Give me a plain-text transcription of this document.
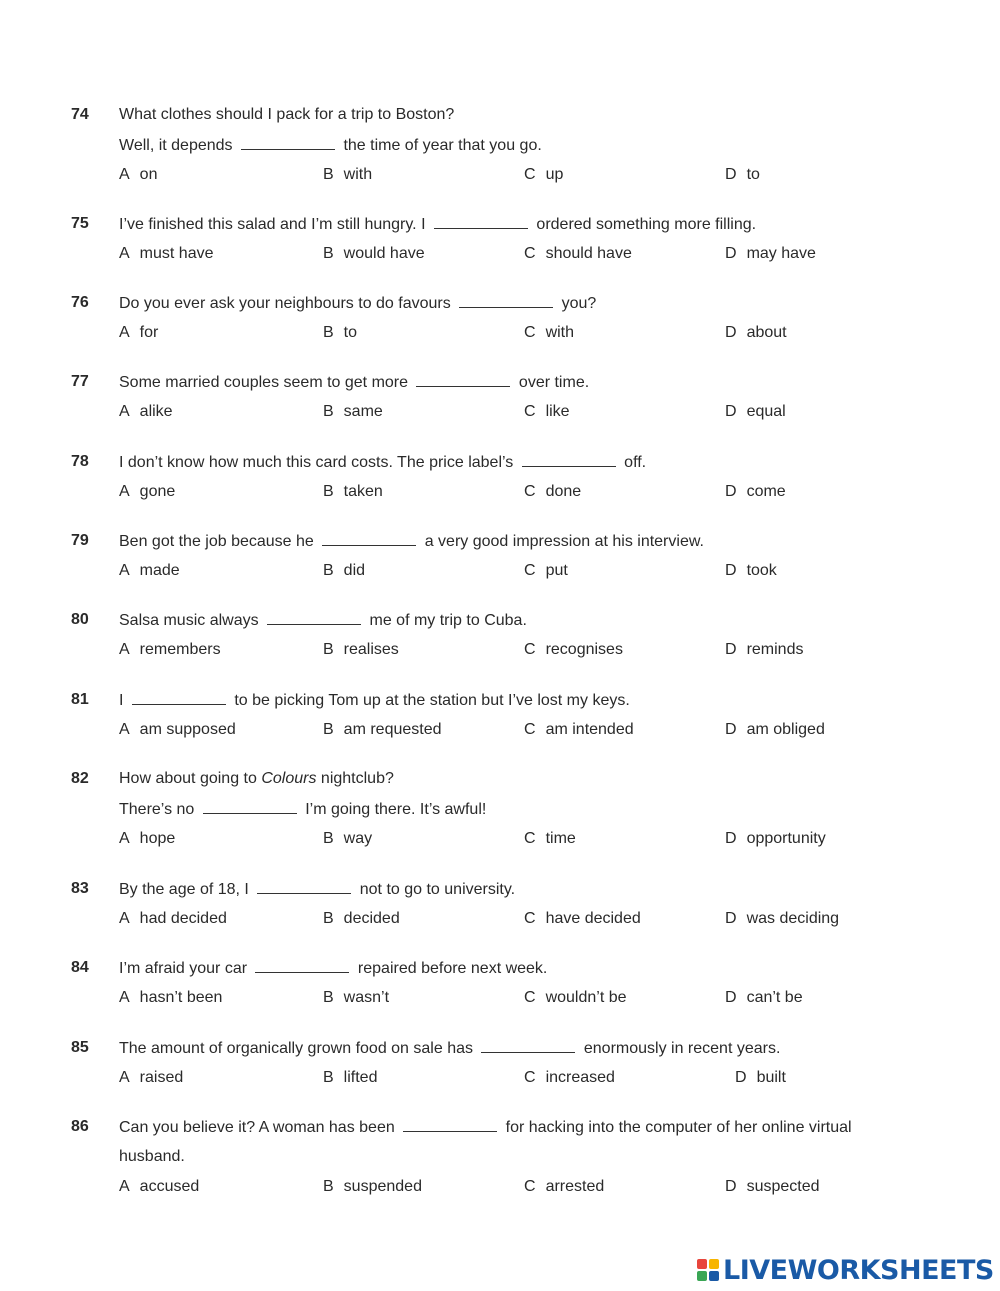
74 What clothes should I pack for a trip to Boston?
Well, it depends	the time of year that you go.
A on	B with	C up	D to
75 I’ve finished this salad and I’m still hungry. I	ordered something more filling.
A must have	B would have	C should have	D may have
76 Do you ever ask your neighbours to do favours	you?
A for	B to	C with	D about
77 Some married couples seem to get more	over time.
A alike	B same	C like	D equal
78 I don’t know how much this card costs. The price label’s	off.
A gone	B taken	C done	D come
79 Ben got the job because he	a very good impression at his interview.
A made	B did	C put	D took
80 Salsa music always	me of my trip to Cuba.
A remembers	B realises	C recognises	D reminds
81 I	to be picking Tom up at the station but I’ve lost my keys.
A am supposed	B am requested	C am intended	D am obliged
82 How about going to Colours nightclub?
There’s no	I’m going there. It’s awful!
A hope	B way	C time	D opportunity
83 By the age of 18, I	not to go to university.
A had decided	B decided	C have decided	D was deciding
84 I’m afraid your car	repaired before next week.
A hasn’t been	B wasn’t	C wouldn’t be	D can’t be
85 The amount of organically grown food on sale has	enormously in recent years.
A raised	B lifted	C increased	D built
86 Can you believe it? A woman has been	for hacking into the computer of her online virtual
husband.
A accused	B suspended	C arrested	D suspected
LIVEWORKSHEETS
